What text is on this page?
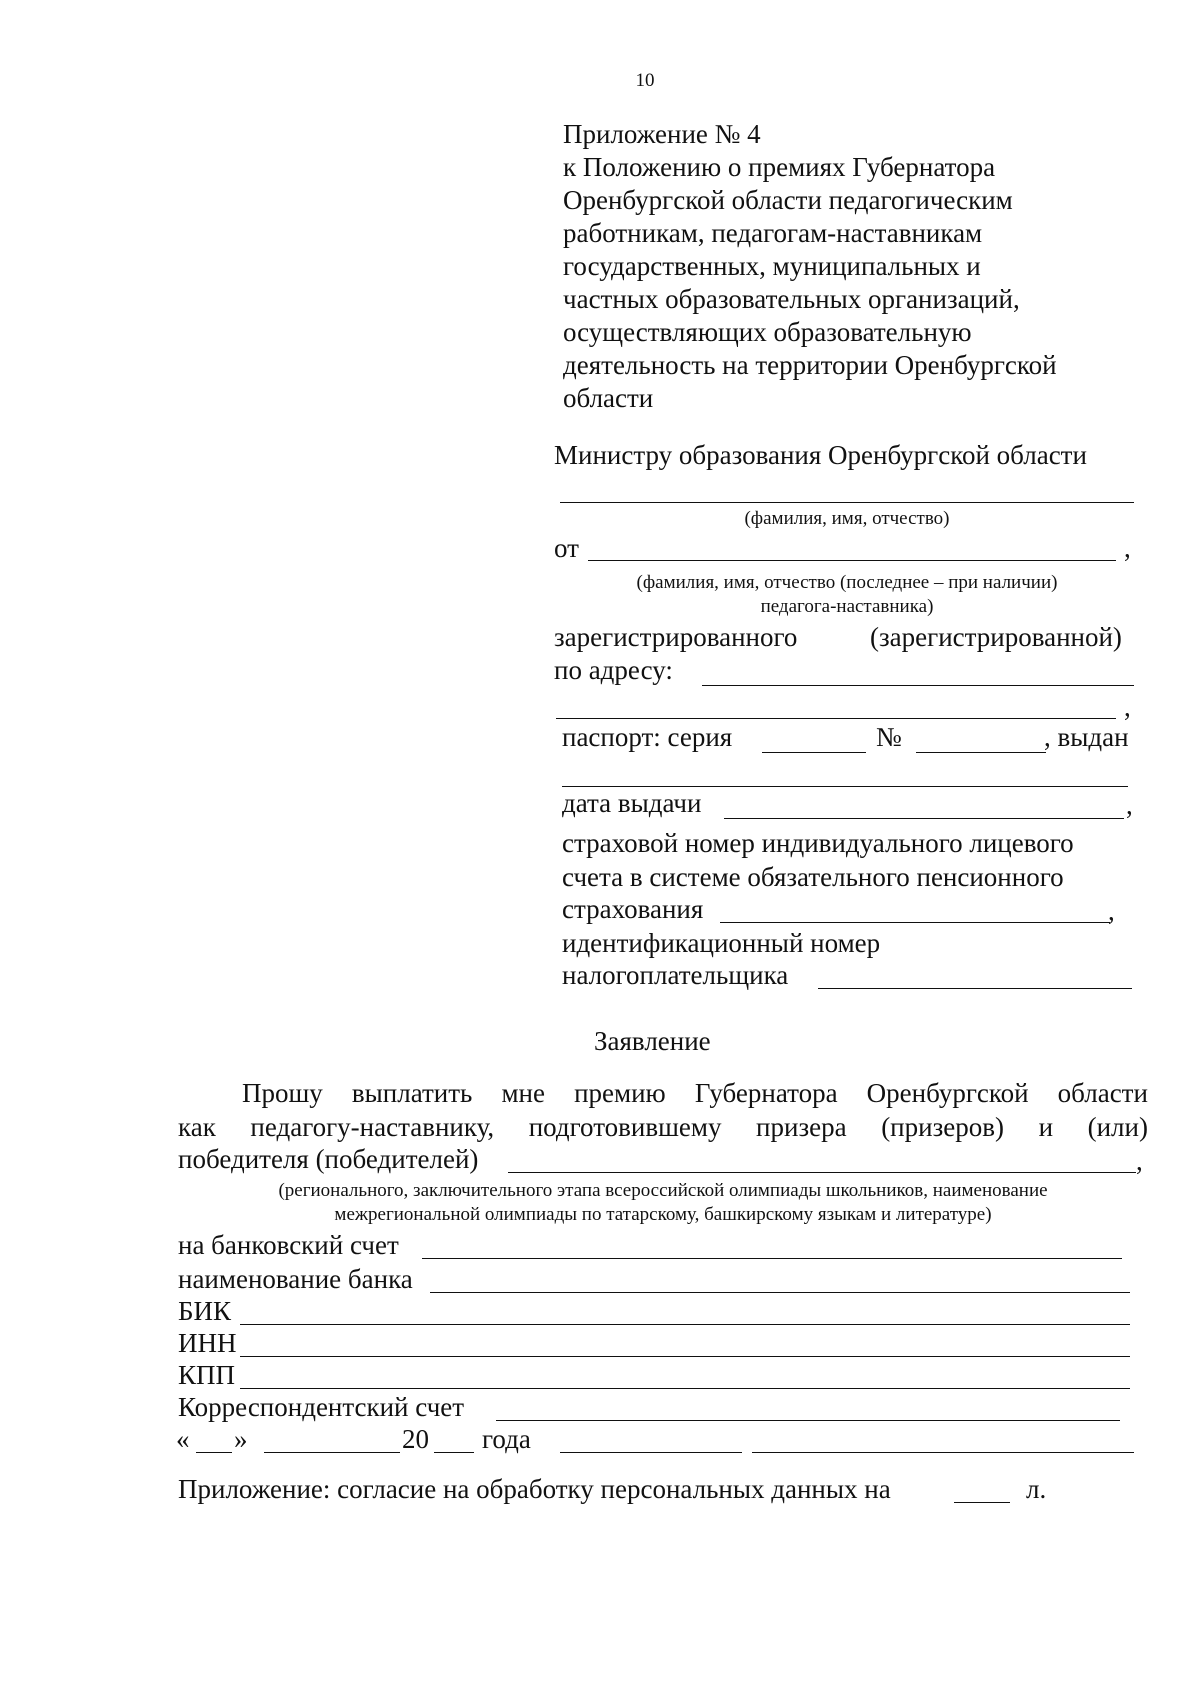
10
Приложение № 4
к Положению о премиях Губернатора
Оренбургской области педагогическим
работникам, педагогам-наставникам
государственных, муниципальных и
частных образовательных организаций,
осуществляющих образовательную
деятельность на территории Оренбургской
области
Министру образования Оренбургской области
(фамилия, имя, отчество)
от	,
(фамилия, имя, отчество (последнее – при наличии)
педагога-наставника)
зарегистрированного	(зарегистрированной)
по адресу:
,
паспорт: серия	№	, выдан
дата выдачи	,
страховой номер индивидуального лицевого
счета в системе обязательного пенсионного
страхования	,
идентификационный номер
налогоплательщика
Заявление
Прошу выплатить мне премию Губернатора Оренбургской области
как педагогу-наставнику, подготовившему призера (призеров) и (или)
победителя (победителей)	,
(регионального, заключительного этапа всероссийской олимпиады школьников, наименование
межрегиональной олимпиады по татарскому, башкирскому языкам и литературе)
на банковский счет
наименование банка
БИК
ИНН
КПП
Корреспондентский счет
« »	20 года
Приложение: согласие на обработку персональных данных на	л.
